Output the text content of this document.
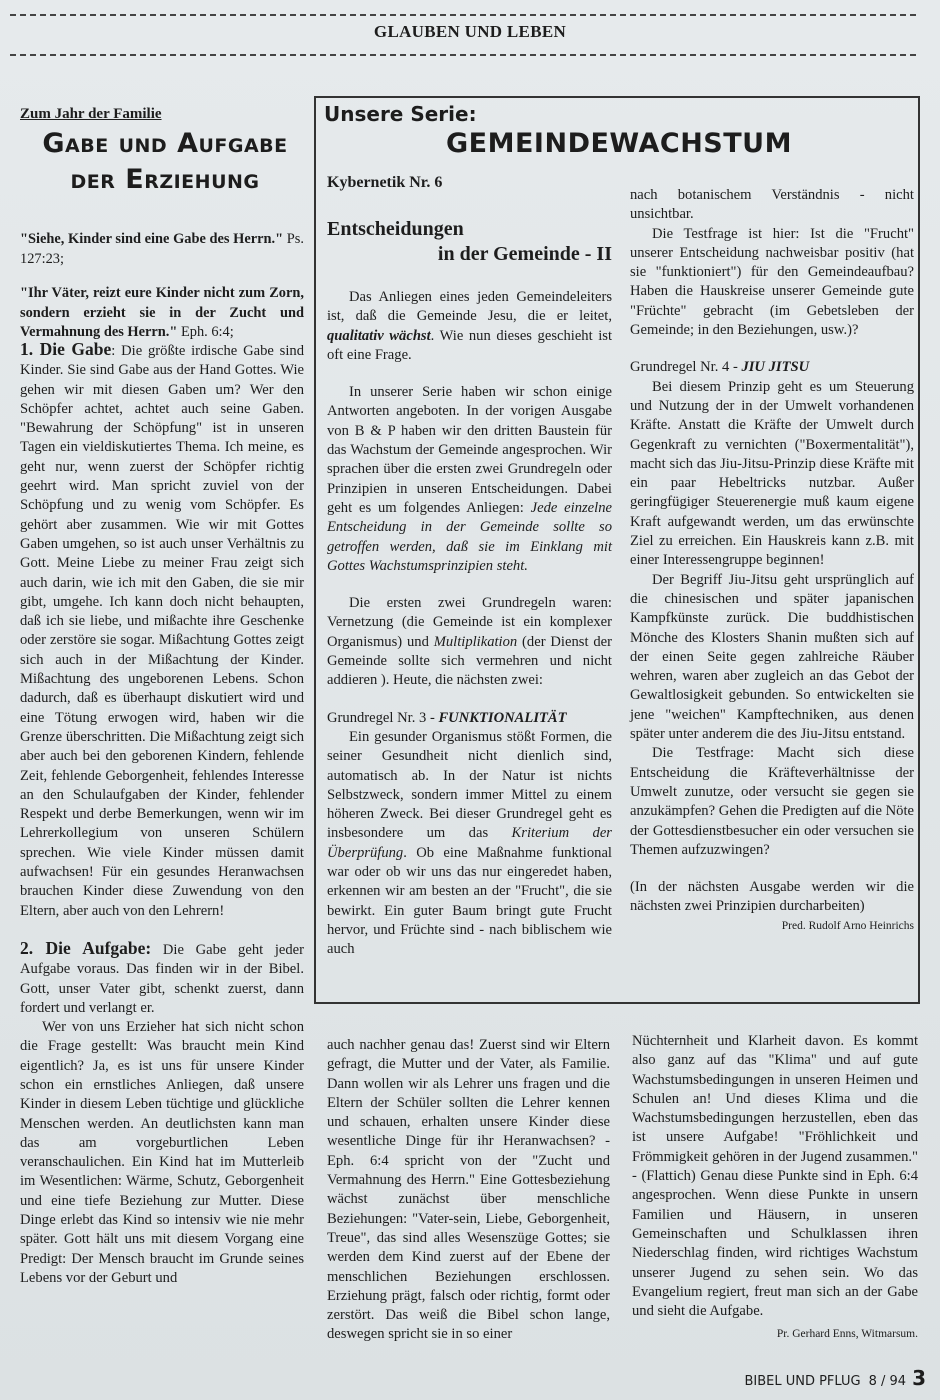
GLAUBEN UND LEBEN
Zum Jahr der Familie
Gabe und Aufgabe
der Erziehung

"Siehe, Kinder sind eine Gabe des Herrn." Ps. 127:23;

"Ihr Väter, reizt eure Kinder nicht zum Zorn, sondern erzieht sie in der Zucht und Vermahnung des Herrn." Eph. 6:4;

1. Die Gabe: Die größte irdische Gabe sind Kinder. Sie sind Gabe aus der Hand Gottes. Wie gehen wir mit diesen Gaben um? Wer den Schöpfer achtet, achtet auch seine Gaben. "Bewahrung der Schöpfung" ist in unseren Tagen ein vieldiskutiertes Thema. Ich meine, es geht nur, wenn zuerst der Schöpfer richtig geehrt wird. Man spricht zuviel von der Schöpfung und zu wenig vom Schöpfer. Es gehört aber zusammen. Wie wir mit Gottes Gaben umgehen, so ist auch unser Verhältnis zu Gott. Meine Liebe zu meiner Frau zeigt sich auch darin, wie ich mit den Gaben, die sie mir gibt, umgehe. Ich kann doch nicht behaupten, daß ich sie liebe, und mißachte ihre Geschenke oder zerstöre sie sogar. Mißachtung Gottes zeigt sich auch in der Mißachtung der Kinder. Mißachtung des ungeborenen Lebens. Schon dadurch, daß es überhaupt diskutiert wird und eine Tötung erwogen wird, haben wir die Grenze überschritten. Die Mißachtung zeigt sich aber auch bei den geborenen Kindern, fehlende Zeit, fehlende Geborgenheit, fehlendes Interesse an den Schulaufgaben der Kinder, fehlender Respekt und derbe Bemerkungen, wenn wir im Lehrerkollegium von unseren Schülern sprechen. Wie viele Kinder müssen damit aufwachsen! Für ein gesundes Heranwachsen brauchen Kinder diese Zuwendung von den Eltern, aber auch von den Lehrern!

2. Die Aufgabe: Die Gabe geht jeder Aufgabe voraus. Das finden wir in der Bibel. Gott, unser Vater gibt, schenkt zuerst, dann fordert und verlangt er.

Wer von uns Erzieher hat sich nicht schon die Frage gestellt: Was braucht mein Kind eigentlich? Ja, es ist uns für unsere Kinder schon ein ernstliches Anliegen, daß unsere Kinder in diesem Leben tüchtige und glückliche Menschen werden. An deutlichsten kann man das am vorgeburtlichen Leben veranschaulichen. Ein Kind hat im Mutterleib im Wesentlichen: Wärme, Schutz, Geborgenheit und eine tiefe Beziehung zur Mutter. Diese Dinge erlebt das Kind so intensiv wie nie mehr später. Gott hält uns mit diesem Vorgang eine Predigt: Der Mensch braucht im Grunde seines Lebens vor der Geburt und

Unsere Serie:
GEMEINDEWACHSTUM
Kybernetik Nr. 6
Entscheidungen
in der Gemeinde - II

Das Anliegen eines jeden Gemeindeleiters ist, daß die Gemeinde Jesu, die er leitet, qualitativ wächst. Wie nun dieses geschieht ist oft eine Frage.

In unserer Serie haben wir schon einige Antworten angeboten. In der vorigen Ausgabe von B & P haben wir den dritten Baustein für das Wachstum der Gemeinde angesprochen. Wir sprachen über die ersten zwei Grundregeln oder Prinzipien in unseren Entscheidungen. Dabei geht es um folgendes Anliegen: Jede einzelne Entscheidung in der Gemeinde sollte so getroffen werden, daß sie im Einklang mit Gottes Wachstumsprinzipien steht.

Die ersten zwei Grundregeln waren: Vernetzung (die Gemeinde ist ein komplexer Organismus) und Multiplikation (der Dienst der Gemeinde sollte sich vermehren und nicht addieren ). Heute, die nächsten zwei:

Grundregel Nr. 3 - FUNKTIONALITÄT

Ein gesunder Organismus stößt Formen, die seiner Gesundheit nicht dienlich sind, automatisch ab. In der Natur ist nichts Selbstzweck, sondern immer Mittel zu einem höheren Zweck. Bei dieser Grundregel geht es insbesondere um das Kriterium der Überprüfung. Ob eine Maßnahme funktional war oder ob wir uns das nur eingeredet haben, erkennen wir am besten an der "Frucht", die sie bewirkt. Ein guter Baum bringt gute Frucht hervor, und Früchte sind - nach biblischem wie auch

nach botanischem Verständnis - nicht unsichtbar.

Die Testfrage ist hier: Ist die "Frucht" unserer Entscheidung nachweisbar positiv (hat sie "funktioniert") für den Gemeindeaufbau? Haben die Hauskreise unserer Gemeinde gute "Früchte" gebracht (im Gebetsleben der Gemeinde; in den Beziehungen, usw.)?

Grundregel Nr. 4 - JIU JITSU

Bei diesem Prinzip geht es um Steuerung und Nutzung der in der Umwelt vorhandenen Kräfte. Anstatt die Kräfte der Umwelt durch Gegenkraft zu vernichten ("Boxermentalität"), macht sich das Jiu-Jitsu-Prinzip diese Kräfte mit ein paar Hebeltricks nutzbar. Außer geringfügiger Steuerenergie muß kaum eigene Kraft aufgewandt werden, um das erwünschte Ziel zu erreichen. Ein Hauskreis kann z.B. mit einer Interessengruppe beginnen!

Der Begriff Jiu-Jitsu geht ursprünglich auf die chinesischen und später japanischen Kampfkünste zurück. Die buddhistischen Mönche des Klosters Shanin mußten sich auf der einen Seite gegen zahlreiche Räuber wehren, waren aber zugleich an das Gebot der Gewaltlosigkeit gebunden. So entwickelten sie jene "weichen" Kampftechniken, aus denen später unter anderem die des Jiu-Jitsu entstand.

Die Testfrage: Macht sich diese Entscheidung die Kräfteverhältnisse der Umwelt zunutze, oder versucht sie gegen sie anzukämpfen? Gehen die Predigten auf die Nöte der Gottesdienstbesucher ein oder versuchen sie Themen aufzuzwingen?

(In der nächsten Ausgabe werden wir die nächsten zwei Prinzipien durcharbeiten)

Pred. Rudolf Arno Heinrichs

auch nachher genau das! Zuerst sind wir Eltern gefragt, die Mutter und der Vater, als Familie. Dann wollen wir als Lehrer uns fragen und die Eltern der Schüler sollten die Lehrer kennen und schauen, erhalten unsere Kinder diese wesentliche Dinge für ihr Heranwachsen? - Eph. 6:4 spricht von der "Zucht und Vermahnung des Herrn." Eine Gottesbeziehung wächst zunächst über menschliche Beziehungen: "Vater-sein, Liebe, Geborgenheit, Treue", das sind alles Wesenszüge Gottes; sie werden dem Kind zuerst auf der Ebene der menschlichen Beziehungen erschlossen. Erziehung prägt, falsch oder richtig, formt oder zerstört. Das weiß die Bibel schon lange, deswegen spricht sie in so einer

Nüchternheit und Klarheit davon. Es kommt also ganz auf das "Klima" und auf gute Wachstumsbedingungen in unseren Heimen und Schulen an! Und dieses Klima und die Wachstumsbedingungen herzustellen, eben das ist unsere Aufgabe! "Fröhlichkeit und Frömmigkeit gehören in der Jugend zusammen." - (Flattich) Genau diese Punkte sind in Eph. 6:4 angesprochen. Wenn diese Punkte in unsern Familien und Häusern, in unseren Gemeinschaften und Schulklassen ihren Niederschlag finden, wird richtiges Wachstum unserer Jugend zu sehen sein. Wo das Evangelium regiert, freut man sich an der Gabe und sieht die Aufgabe.

Pr. Gerhard Enns, Witmarsum.

BIBEL UND PFLUG 8 / 94 3
